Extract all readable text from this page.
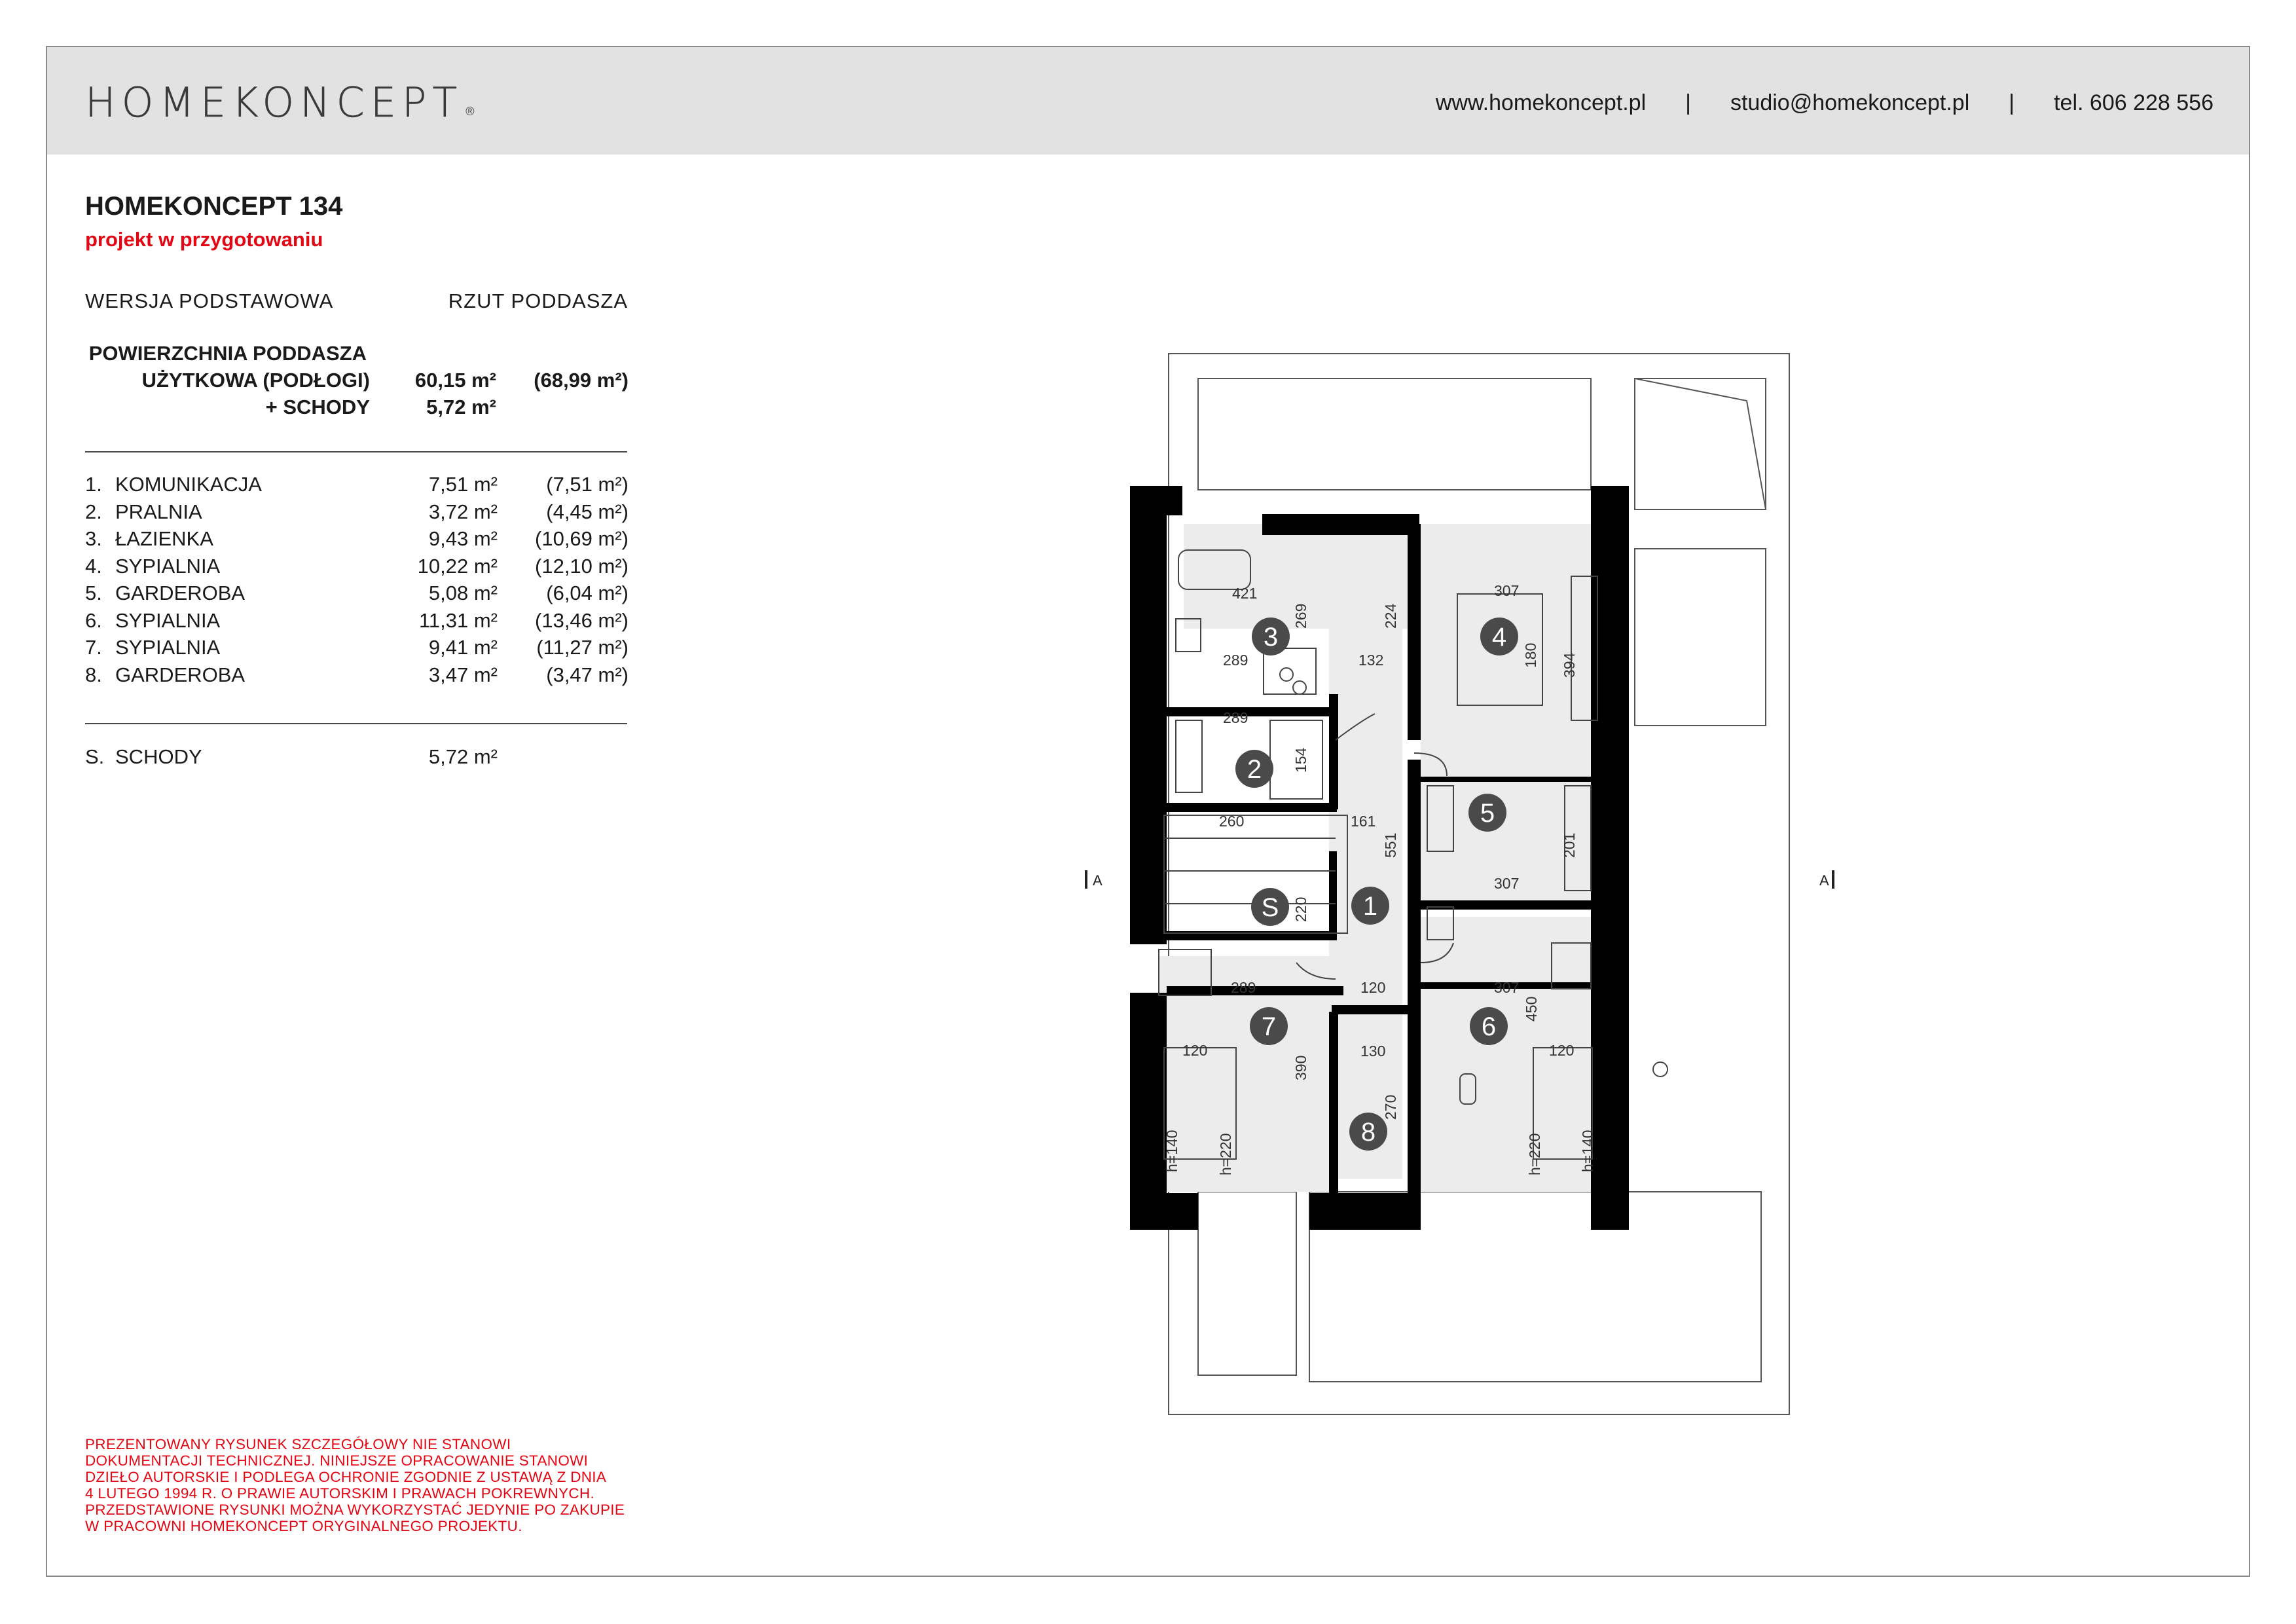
HOMEKONCEPT ®	www.homekoncept.pl | studio@homekoncept.pl | tel. 606 228 556
HOMEKONCEPT 134
projekt w przygotowaniu
WERSJA PODSTAWOWA	RZUT PODDASZA
POWIERZCHNIA PODDASZA
UŻYTKOWA (PODŁOGI) 60,15 m² (68,99 m²)
+ SCHODY	5,72 m²
1. KOMUNIKACJA	7,51 m² (7,51 m²)
2. PRALNIA	3,72 m² (4,45 m²)
3. ŁAZIENKA	9,43 m² (10,69 m²)
4. SYPIALNIA	10,22 m² (12,10 m²)
5. GARDEROBA	5,08 m² (6,04 m²)
6. SYPIALNIA	11,31 m² (13,46 m²)
7. SYPIALNIA	9,41 m² (11,27 m²)
8. GARDEROBA	3,47 m² (3,47 m²)
S. SCHODY	5,72 m²
PREZENTOWANY RYSUNEK SZCZEGÓŁOWY NIE STANOWI
DOKUMENTACJI TECHNICZNEJ. NINIEJSZE OPRACOWANIE STANOWI
DZIEŁO AUTORSKIE I PODLEGA OCHRONIE ZGODNIE Z USTAWĄ Z DNIA
4 LUTEGO 1994 R. O PRAWIE AUTORSKIM I PRAWACH POKREWNYCH.
PRZEDSTAWIONE RYSUNKI MOŻNA WYKORZYSTAĆ JEDYNIE PO ZAKUPIE
W PRACOWNI HOMEKONCEPT ORYGINALNEGO PROJEKTU.
421
269	224
307
180 394
289	132
289
154
260	161
551	201
307
220
289	120	307
450
390
130
270
120	120
h=140 h=220	h=220 h=140
1
2
3	4
5
6
7
8
S
A	A
